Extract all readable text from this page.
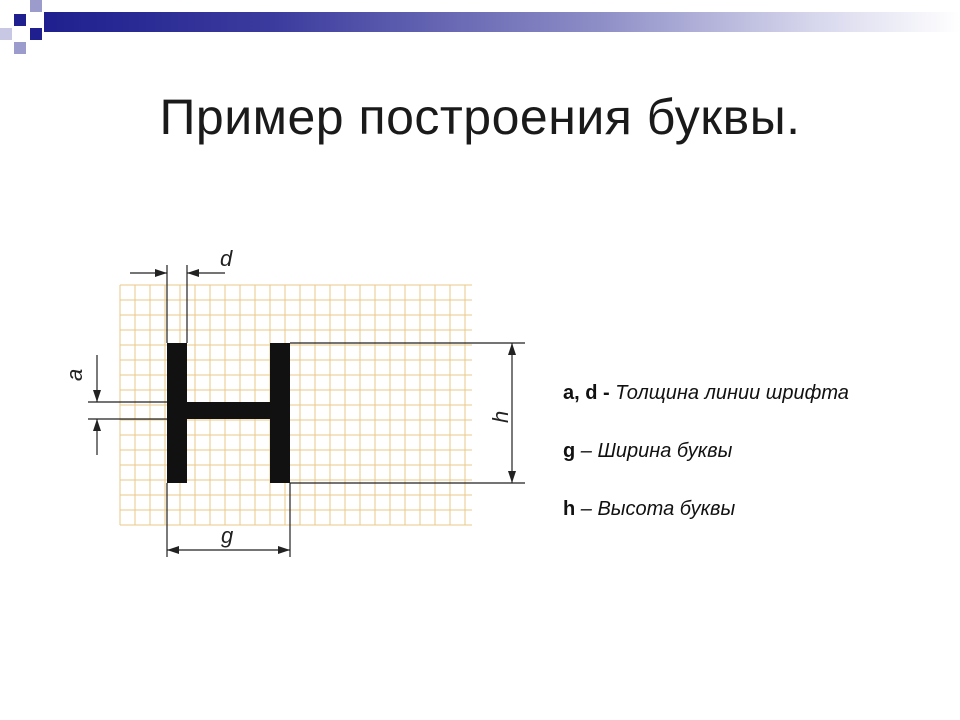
Пример построения буквы.
d
a
h
g
a, d - Толщина линии шрифта
g – Ширина буквы
h – Высота буквы
